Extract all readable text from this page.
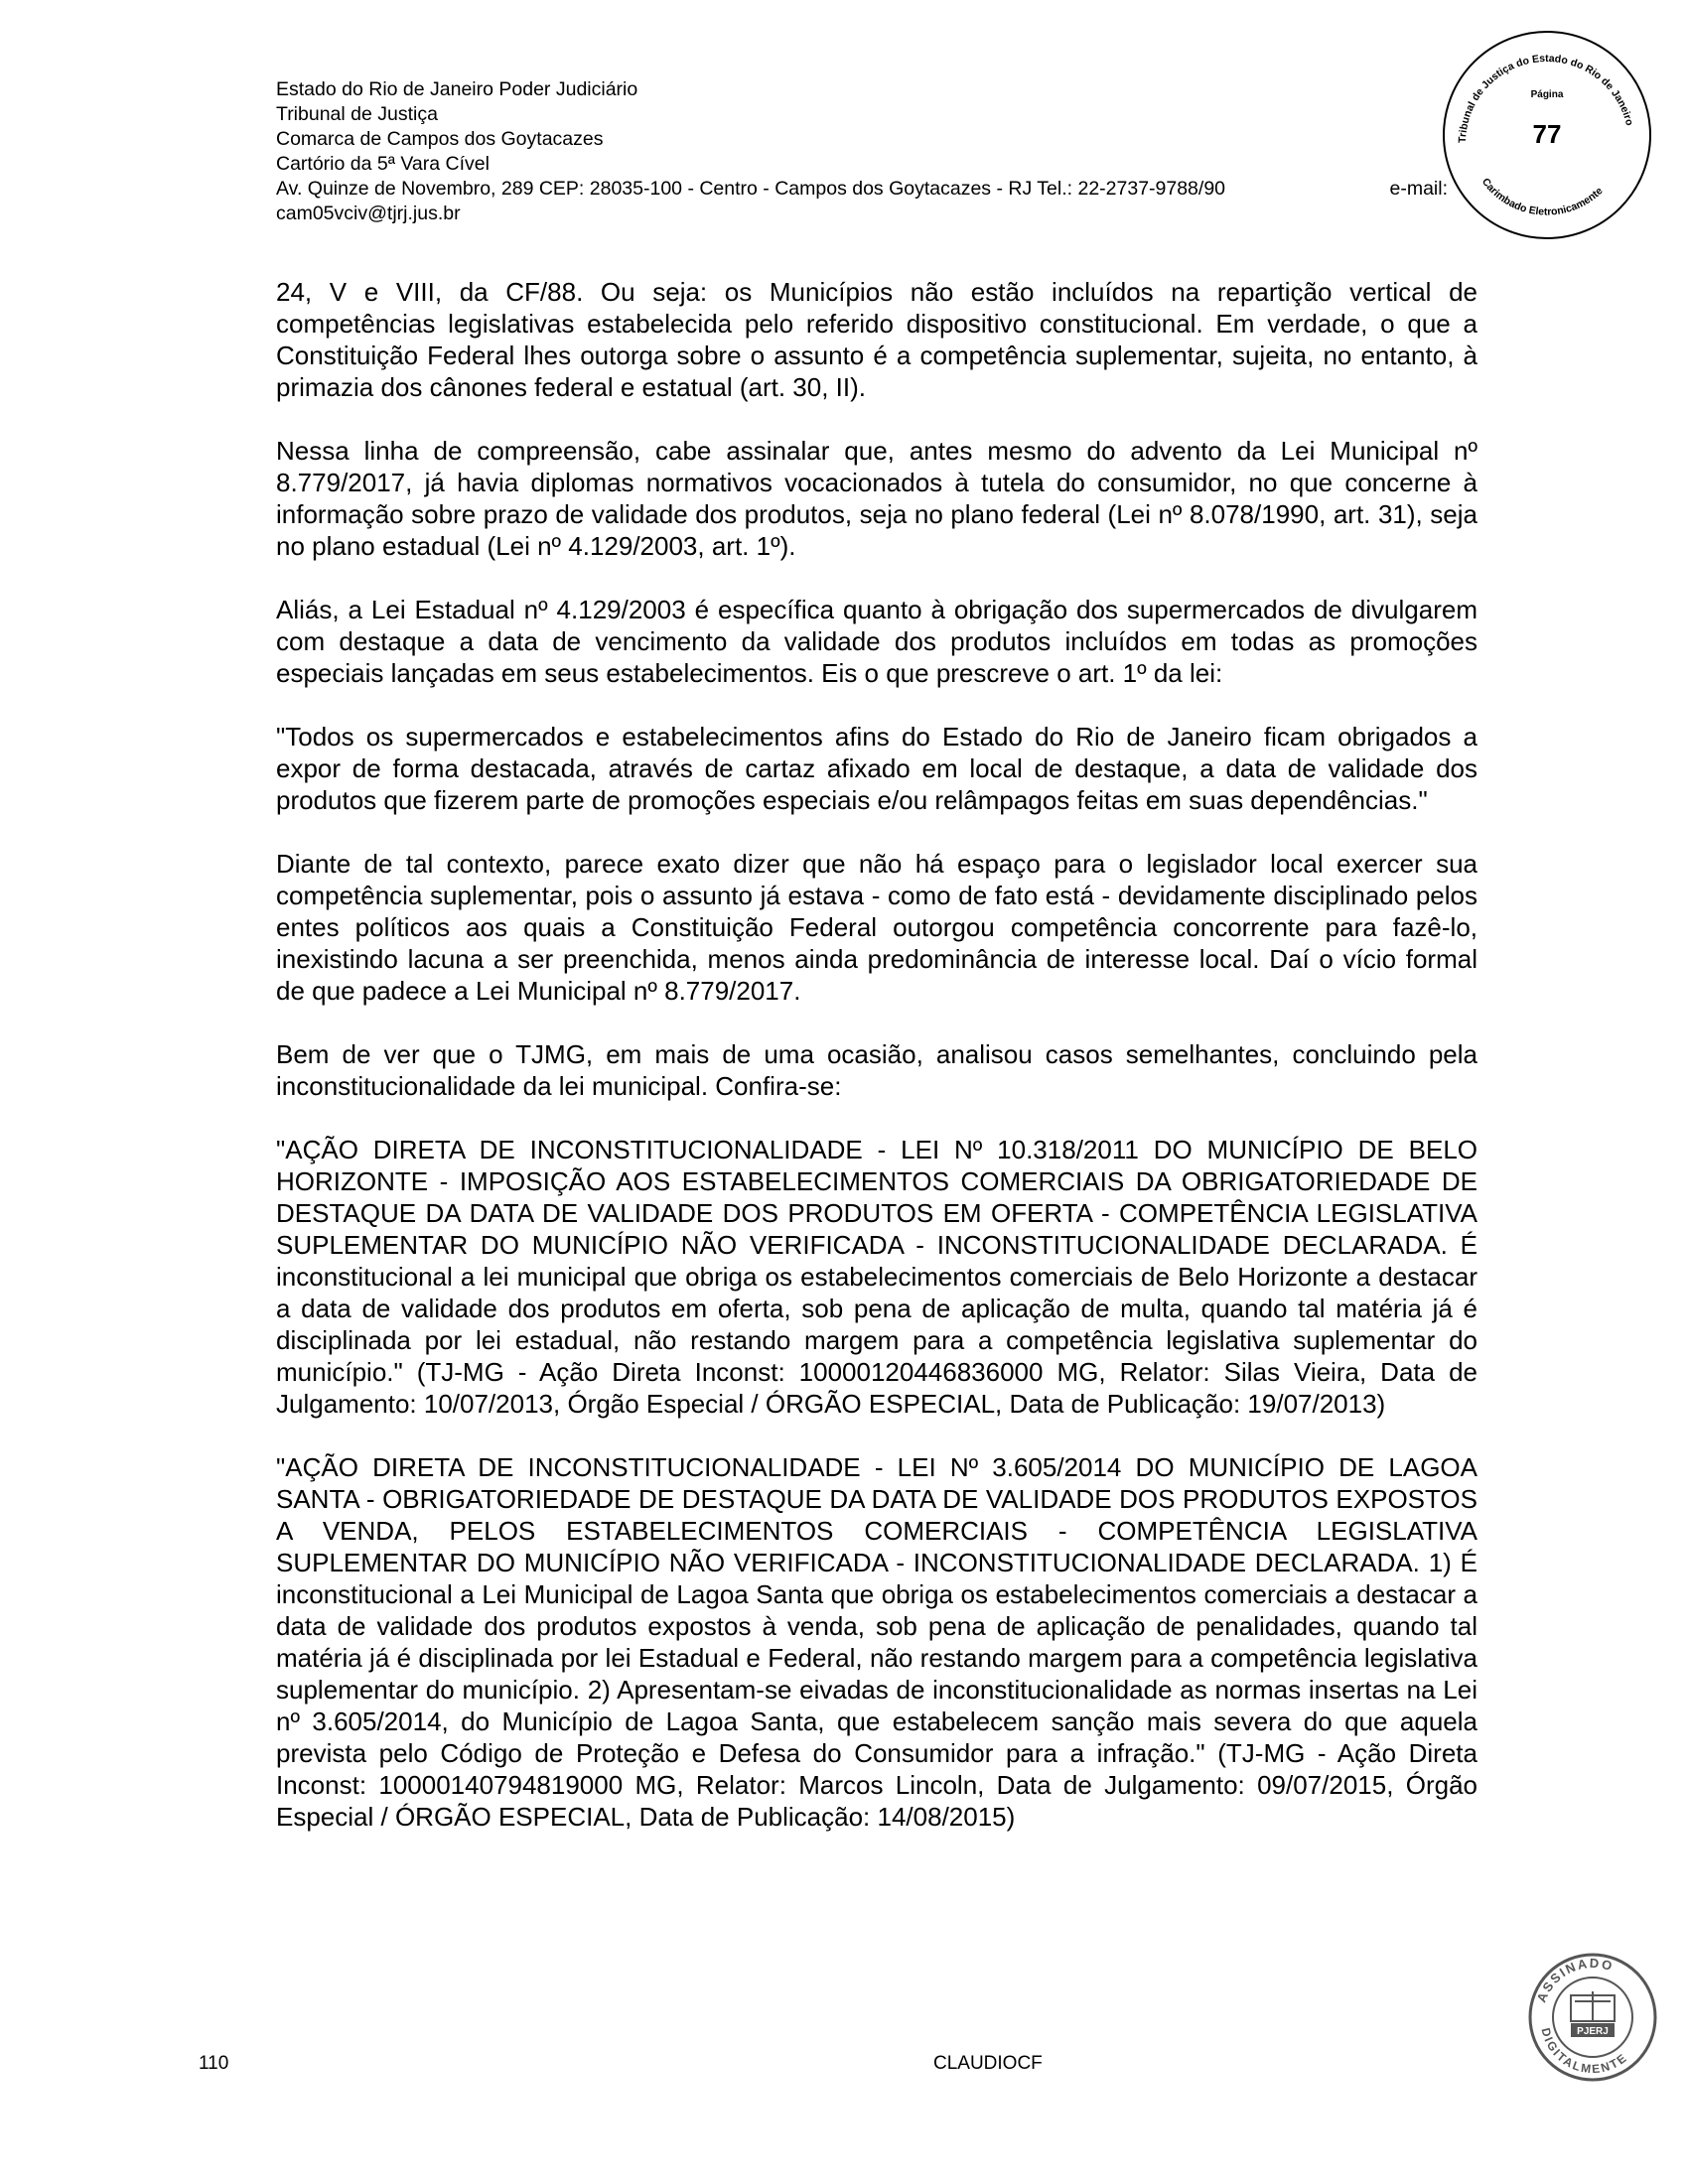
Estado do Rio de Janeiro Poder Judiciário
Tribunal de Justiça
Comarca de Campos dos Goytacazes
Cartório da 5ª Vara Cível
Av. Quinze de Novembro, 289 CEP: 28035-100 - Centro - Campos dos Goytacazes - RJ Tel.: 22-2737-9788/90	e-mail:
cam05vciv@tjrj.jus.br
Tribunal de Justiça do Estado do Rio de Janeiro
Carimbado Eletronicamente
Página
77

24, V e VIII, da CF/88. Ou seja: os Municípios não estão incluídos na repartição vertical de competências legislativas estabelecida pelo referido dispositivo constitucional. Em verdade, o que a Constituição Federal lhes outorga sobre o assunto é a competência suplementar, sujeita, no entanto, à primazia dos cânones federal e estatual (art. 30, II).

Nessa linha de compreensão, cabe assinalar que, antes mesmo do advento da Lei Municipal nº 8.779/2017, já havia diplomas normativos vocacionados à tutela do consumidor, no que concerne à informação sobre prazo de validade dos produtos, seja no plano federal (Lei nº 8.078/1990, art. 31), seja no plano estadual (Lei nº 4.129/2003, art. 1º).

Aliás, a Lei Estadual nº 4.129/2003 é específica quanto à obrigação dos supermercados de divulgarem com destaque a data de vencimento da validade dos produtos incluídos em todas as promoções especiais lançadas em seus estabelecimentos. Eis o que prescreve o art. 1º da lei:

"Todos os supermercados e estabelecimentos afins do Estado do Rio de Janeiro ficam obrigados a expor de forma destacada, através de cartaz afixado em local de destaque, a data de validade dos produtos que fizerem parte de promoções especiais e/ou relâmpagos feitas em suas dependências."

Diante de tal contexto, parece exato dizer que não há espaço para o legislador local exercer sua competência suplementar, pois o assunto já estava - como de fato está - devidamente disciplinado pelos entes políticos aos quais a Constituição Federal outorgou competência concorrente para fazê-lo, inexistindo lacuna a ser preenchida, menos ainda predominância de interesse local. Daí o vício formal de que padece a Lei Municipal nº 8.779/2017.

Bem de ver que o TJMG, em mais de uma ocasião, analisou casos semelhantes, concluindo pela inconstitucionalidade da lei municipal. Confira-se:

"AÇÃO DIRETA DE INCONSTITUCIONALIDADE - LEI Nº 10.318/2011 DO MUNICÍPIO DE BELO HORIZONTE - IMPOSIÇÃO AOS ESTABELECIMENTOS COMERCIAIS DA OBRIGATORIEDADE DE DESTAQUE DA DATA DE VALIDADE DOS PRODUTOS EM OFERTA - COMPETÊNCIA LEGISLATIVA SUPLEMENTAR DO MUNICÍPIO NÃO VERIFICADA - INCONSTITUCIONALIDADE DECLARADA. É inconstitucional a lei municipal que obriga os estabelecimentos comerciais de Belo Horizonte a destacar a data de validade dos produtos em oferta, sob pena de aplicação de multa, quando tal matéria já é disciplinada por lei estadual, não restando margem para a competência legislativa suplementar do município." (TJ-MG - Ação Direta Inconst: 10000120446836000 MG, Relator: Silas Vieira, Data de Julgamento: 10/07/2013, Órgão Especial / ÓRGÃO ESPECIAL, Data de Publicação: 19/07/2013)

"AÇÃO DIRETA DE INCONSTITUCIONALIDADE - LEI Nº 3.605/2014 DO MUNICÍPIO DE LAGOA SANTA - OBRIGATORIEDADE DE DESTAQUE DA DATA DE VALIDADE DOS PRODUTOS EXPOSTOS A VENDA, PELOS ESTABELECIMENTOS COMERCIAIS - COMPETÊNCIA LEGISLATIVA SUPLEMENTAR DO MUNICÍPIO NÃO VERIFICADA - INCONSTITUCIONALIDADE DECLARADA. 1) É inconstitucional a Lei Municipal de Lagoa Santa que obriga os estabelecimentos comerciais a destacar a data de validade dos produtos expostos à venda, sob pena de aplicação de penalidades, quando tal matéria já é disciplinada por lei Estadual e Federal, não restando margem para a competência legislativa suplementar do município. 2) Apresentam-se eivadas de inconstitucionalidade as normas insertas na Lei nº 3.605/2014, do Município de Lagoa Santa, que estabelecem sanção mais severa do que aquela prevista pelo Código de Proteção e Defesa do Consumidor para a infração." (TJ-MG - Ação Direta Inconst: 10000140794819000 MG, Relator: Marcos Lincoln, Data de Julgamento: 09/07/2015, Órgão Especial / ÓRGÃO ESPECIAL, Data de Publicação: 14/08/2015)

110	CLAUDIOCF
ASSINADO
DIGITALMENTE
PJERJ
